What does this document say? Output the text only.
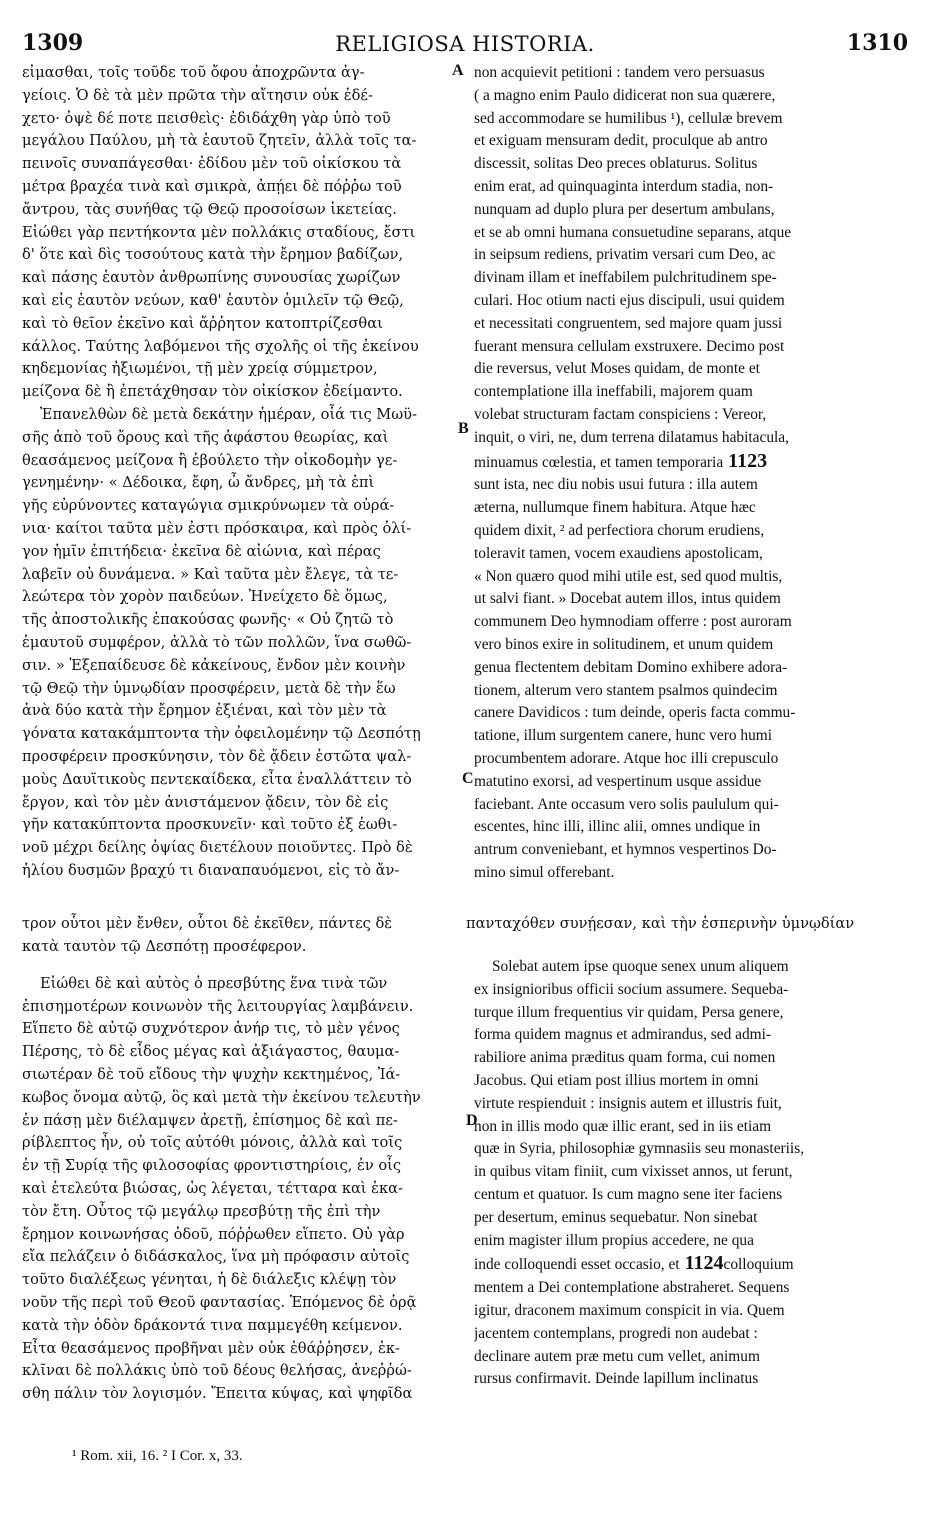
1309	RELIGIOSA HISTORIA.	1310
εἰμασθαι, τοῖς τοῦδε τοῦ ὄφου ἀποχρῶντα ἀγ-
γείοις. Ὁ δὲ τὰ μὲν πρῶτα τὴν αἴτησιν οὐκ ἐδέ-
χετο· ὀψὲ δέ ποτε πεισθεὶς· ἐδιδάχθη γὰρ ὑπὸ τοῦ
μεγάλου Παύλου, μὴ τὰ ἑαυτοῦ ζητεῖν, ἀλλὰ τοῖς τα-
πεινοῖς συναπάγεσθαι· ἐδίδου μὲν τοῦ οἰκίσκου τὰ
μέτρα βραχέα τινὰ καὶ σμικρὰ, ἀπῄει δὲ πόῤῥω τοῦ
ἄντρου, τὰς συνήθας τῷ Θεῷ προσοίσων ἱκετείας.
Εἰώθει γὰρ πεντήκοντα μὲν πολλάκις σταδίους, ἔστι
δ' ὅτε καὶ δὶς τοσούτους κατὰ τὴν ἔρημον βαδίζων,
καὶ πάσης ἑαυτὸν ἀνθρωπίνης συνουσίας χωρίζων
καὶ εἰς ἑαυτὸν νεύων, καθ' ἑαυτὸν ὁμιλεῖν τῷ Θεῷ,
καὶ τὸ θεῖον ἐκεῖνο καὶ ἄῤῥητον κατοπτρίζεσθαι
κάλλος. Ταύτης λαβόμενοι τῆς σχολῆς οἱ τῆς ἐκείνου
κηδεμονίας ἠξιωμένοι, τῇ μὲν χρείᾳ σύμμετρον,
μείζονα δὲ ἢ ἐπετάχθησαν τὸν οἰκίσκον ἐδείμαντο.
Ἐπανελθὼν δὲ μετὰ δεκάτην ἡμέραν, οἷά τις Μωϋ-
σῆς ἀπὸ τοῦ ὄρους καὶ τῆς ἀφάστου θεωρίας, καὶ
θεασάμενος μείζονα ἢ ἐβούλετο τὴν οἰκοδομὴν γε-
γενημένην· « Δέδοικα, ἔφη, ὦ ἄνδρες, μὴ τὰ ἐπὶ
γῆς εὐρύνοντες καταγώγια σμικρύνωμεν τὰ οὐρά-
νια· καίτοι ταῦτα μὲν ἐστι πρόσκαιρα, καὶ πρὸς ὀλί-
γον ἡμῖν ἐπιτήδεια· ἐκεῖνα δὲ αἰώνια, καὶ πέρας
λαβεῖν οὐ δυνάμενα. » Καὶ ταῦτα μὲν ἔλεγε, τὰ τε-
λεώτερα τὸν χορὸν παιδεύων. Ἠνείχετο δὲ ὅμως,
τῆς ἀποστολικῆς ἐπακούσας φωνῆς· « Οὐ ζητῶ τὸ
ἐμαυτοῦ συμφέρον, ἀλλὰ τὸ τῶν πολλῶν, ἵνα σωθῶ-
σιν. » Ἐξεπαίδευσε δὲ κἀκείνους, ἔνδον μὲν κοινὴν
τῷ Θεῷ τὴν ὑμνῳδίαν προσφέρειν, μετὰ δὲ τὴν ἕω
ἀνὰ δύο κατὰ τὴν ἔρημον ἐξιέναι, καὶ τὸν μὲν τὰ
γόνατα κατακάμπτοντα τὴν ὀφειλομένην τῷ Δεσπότῃ
προσφέρειν προσκύνησιν, τὸν δὲ ᾄδειν ἑστῶτα ψαλ-
μοὺς Δαυϊτικοὺς πεντεκαίδεκα, εἶτα ἐναλλάττειν τὸ
ἔργον, καὶ τὸν μὲν ἀνιστάμενον ᾄδειν, τὸν δὲ εἰς
γῆν κατακύπτοντα προσκυνεῖν· καὶ τοῦτο ἐξ ἑωθι-
νοῦ μέχρι δείλης ὀψίας διετέλουν ποιοῦντες. Πρὸ δὲ
ἡλίου δυσμῶν βραχύ τι διαναπαυόμενοι, εἰς τὸ ἄν-
non acquievit petitioni : tandem vero persuasus
( a magno enim Paulo didicerat non sua quærere,
sed accommodare se humilibus ¹), cellulæ brevem
et exiguam mensuram dedit, proculque ab antro
discessit, solitas Deo preces oblaturus. Solitus
enim erat, ad quinquaginta interdum stadia, non-
nunquam ad duplo plura per desertum ambulans,
et se ab omni humana consuetudine separans, atque
in seipsum rediens, privatim versari cum Deo, ac
divinam illam et ineffabilem pulchritudinem spe-
culari. Hoc otium nacti ejus discipuli, usui quidem
et necessitati congruentem, sed majore quam jussi
fuerant mensura cellulam exstruxere. Decimo post
die reversus, velut Moses quidam, de monte et
contemplatione illa ineffabili, majorem quam
volebat structuram factam conspiciens : Vereor,
inquit, o viri, ne, dum terrena dilatamus habitacula,
minuamus cœlestia, et tamen temporaria 1123
sunt ista, nec diu nobis usui futura : illa autem
æterna, nullumque finem habitura. Atque hæc
quidem dixit, ² ad perfectiora chorum erudiens,
toleravit tamen, vocem exaudiens apostolicam,
« Non quæro quod mihi utile est, sed quod multis,
ut salvi fiant. » Docebat autem illos, intus quidem
communem Deo hymnodiam offerre : post auroram
vero binos exire in solitudinem, et unum quidem
genua flectentem debitam Domino exhibere adora-
tionem, alterum vero stantem psalmos quindecim
canere Davidicos : tum deinde, operis facta commu-
tatione, illum surgentem canere, hunc vero humi
procumbentem adorare. Atque hoc illi crepusculo
matutino exorsi, ad vespertinum usque assidue
faciebant. Ante occasum vero solis paululum qui-
escentes, hinc illi, illinc alii, omnes undique in
antrum conveniebant, et hymnos vespertinos Do-
mino simul offerebant.
A
B
C
D
τρον οὗτοι μὲν ἔνθεν, οὗτοι δὲ ἐκεῖθεν, πάντες δὲ	πανταχόθεν συνῄεσαν, καὶ τὴν ἑσπερινὴν ὑμνῳδίαν
κατὰ ταυτὸν τῷ Δεσπότῃ προσέφερον.
Εἰώθει δὲ καὶ αὐτὸς ὁ πρεσβύτης ἕνα τινὰ τῶν
ἐπισημοτέρων κοινωνὸν τῆς λειτουργίας λαμβάνειν.
Εἵπετο δὲ αὐτῷ συχνότερον ἀνήρ τις, τὸ μὲν γένος
Πέρσης, τὸ δὲ εἶδος μέγας καὶ ἀξιάγαστος, θαυμα-
σιωτέραν δὲ τοῦ εἴδους τὴν ψυχὴν κεκτημένος, Ἰά-
κωβος ὄνομα αὐτῷ, ὃς καὶ μετὰ τὴν ἐκείνου τελευτὴν
ἐν πάσῃ μὲν διέλαμψεν ἀρετῇ, ἐπίσημος δὲ καὶ πε-
ρίβλεπτος ἦν, οὐ τοῖς αὐτόθι μόνοις, ἀλλὰ καὶ τοῖς
ἐν τῇ Συρίᾳ τῆς φιλοσοφίας φροντιστηρίοις, ἐν οἷς
καὶ ἐτελεύτα βιώσας, ὡς λέγεται, τέτταρα καὶ ἑκα-
τὸν ἔτη. Οὗτος τῷ μεγάλῳ πρεσβύτῃ τῆς ἐπὶ τὴν
ἔρημον κοινωνήσας ὁδοῦ, πόῤῥωθεν εἵπετο. Οὐ γὰρ
εἴα πελάζειν ὁ διδάσκαλος, ἵνα μὴ πρόφασιν αὐτοῖς
τοῦτο διαλέξεως γένηται, ἡ δὲ διάλεξις κλέψῃ τὸν
νοῦν τῆς περὶ τοῦ Θεοῦ φαντασίας. Ἑπόμενος δὲ ὁρᾷ
κατὰ τὴν ὁδὸν δράκοντά τινα παμμεγέθη κείμενον.
Εἶτα θεασάμενος προβῆναι μὲν οὐκ ἐθάῤῥησεν, ἐκ-
κλῖναι δὲ πολλάκις ὑπὸ τοῦ δέους θελήσας, ἀνεῤῥώ-
σθη πάλιν τὸν λογισμόν. Ἔπειτα κύψας, καὶ ψηφῖδα
Solebat autem ipse quoque senex unum aliquem
ex insignioribus officii socium assumere. Sequeba-
turque illum frequentius vir quidam, Persa genere,
forma quidem magnus et admirandus, sed admi-
rabiliore anima præditus quam forma, cui nomen
Jacobus. Qui etiam post illius mortem in omni
virtute respienduit : insignis autem et illustris fuit,
non in illis modo quæ illic erant, sed in iis etiam
quæ in Syria, philosophiæ gymnasiis seu monasteriis,
in quibus vitam finiit, cum vixisset annos, ut ferunt,
centum et quatuor. Is cum magno sene iter faciens
per desertum, eminus sequebatur. Non sinebat
enim magister illum propius accedere, ne qua
inde colloquendi esset occasio, et 1124colloquium
mentem a Dei contemplatione abstraheret. Sequens
igitur, draconem maximum conspicit in via. Quem
jacentem contemplans, progredi non audebat :
declinare autem præ metu cum vellet, animum
rursus confirmavit. Deinde lapillum inclinatus
¹ Rom. xii, 16. ² I Cor. x, 33.
